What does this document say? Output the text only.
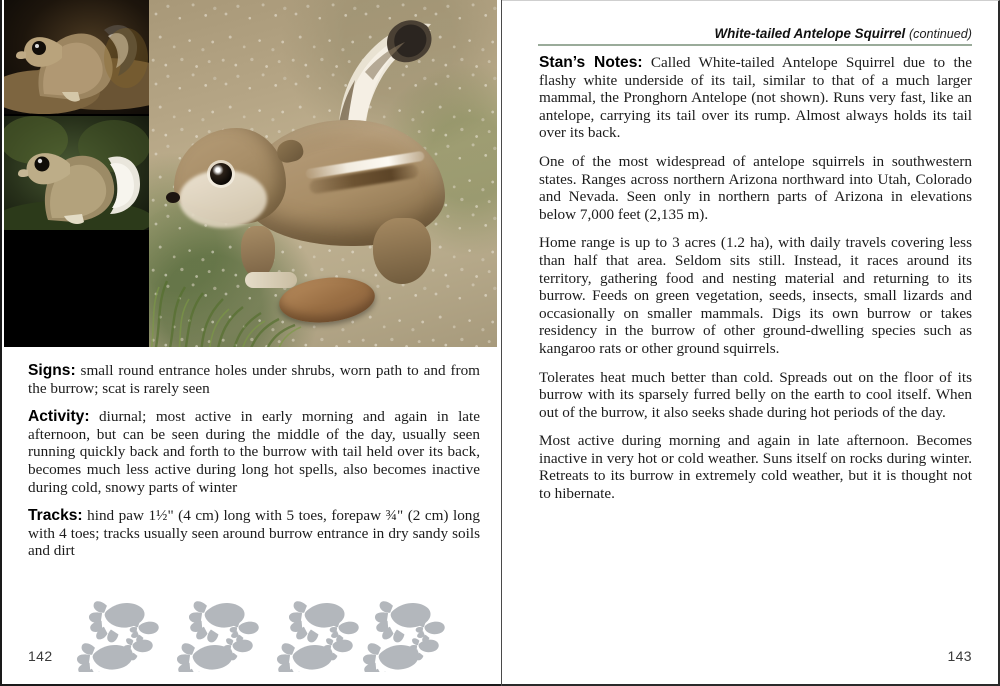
Signs: small round entrance holes under shrubs, worn path to and from the burrow; scat is rarely seen

Activity: diurnal; most active in early morning and again in late afternoon, but can be seen during the middle of the day, usually seen running quickly back and forth to the burrow with tail held over its back, becomes much less active during long hot spells, also becomes inactive during cold, snowy parts of winter

Tracks: hind paw 1½" (4 cm) long with 5 toes, forepaw ¾" (2 cm) long with 4 toes; tracks usually seen around burrow entrance in dry sandy soils and dirt

142
White-tailed Antelope Squirrel (continued)

Stan’s Notes: Called White-tailed Antelope Squirrel due to the flashy white underside of its tail, similar to that of a much larger mammal, the Pronghorn Antelope (not shown). Runs very fast, like an antelope, carrying its tail over its rump. Almost always holds its tail over its back.

One of the most widespread of antelope squirrels in southwestern states. Ranges across northern Arizona northward into Utah, Colorado and Nevada. Seen only in northern parts of Arizona in elevations below 7,000 feet (2,135 m).

Home range is up to 3 acres (1.2 ha), with daily travels covering less than half that area. Seldom sits still. Instead, it races around its territory, gathering food and nesting material and returning to its burrow. Feeds on green vegetation, seeds, insects, small lizards and occasionally on smaller mammals. Digs its own burrow or takes residency in the burrow of other ground-dwelling species such as kangaroo rats or other ground squirrels.

Tolerates heat much better than cold. Spreads out on the floor of its burrow with its sparsely furred belly on the earth to cool itself. When out of the burrow, it also seeks shade during hot periods of the day.

Most active during morning and again in late afternoon. Becomes inactive in very hot or cold weather. Suns itself on rocks during winter. Retreats to its burrow in extremely cold weather, but it is thought not to hibernate.

143
